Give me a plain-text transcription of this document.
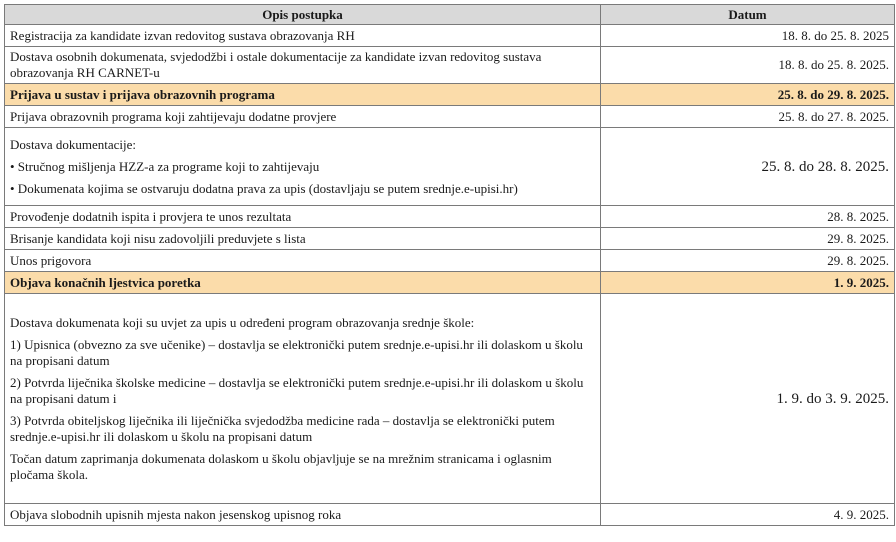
Opis postupka	Datum
Registracija za kandidate izvan redovitog sustava obrazovanja RH	18. 8. do 25. 8. 2025
Dostava osobnih dokumenata, svjedodžbi i ostale dokumentacije za kandidate izvan redovitog sustava obrazovanja RH CARNET-u	18. 8. do 25. 8. 2025.
Prijava u sustav i prijava obrazovnih programa	25. 8. do 29. 8. 2025.
Prijava obrazovnih programa koji zahtijevaju dodatne provjere	25. 8. do 27. 8. 2025.

Dostava dokumentacije:

• Stručnog mišljenja HZZ-a za programe koji to zahtijevaju

• Dokumenata kojima se ostvaruju dodatna prava za upis (dostavljaju se putem srednje.e-upisi.hr)	25. 8. do 28. 8. 2025.
Provođenje dodatnih ispita i provjera te unos rezultata	28. 8. 2025.
Brisanje kandidata koji nisu zadovoljili preduvjete s lista	29. 8. 2025.
Unos prigovora	29. 8. 2025.
Objava konačnih ljestvica poretka	1. 9. 2025.

Dostava dokumenata koji su uvjet za upis u određeni program obrazovanja srednje škole:

1) Upisnica (obvezno za sve učenike) – dostavlja se elektronički putem srednje.e-upisi.hr ili dolaskom u školu na propisani datum

2) Potvrda liječnika školske medicine – dostavlja se elektronički putem srednje.e-upisi.hr ili dolaskom u školu na propisani datum i

3) Potvrda obiteljskog liječnika ili liječnička svjedodžba medicine rada – dostavlja se elektronički putem srednje.e-upisi.hr ili dolaskom u školu na propisani datum

Točan datum zaprimanja dokumenata dolaskom u školu objavljuje se na mrežnim stranicama i oglasnim pločama škola.	1. 9. do 3. 9. 2025.
Objava slobodnih upisnih mjesta nakon jesenskog upisnog roka	4. 9. 2025.
